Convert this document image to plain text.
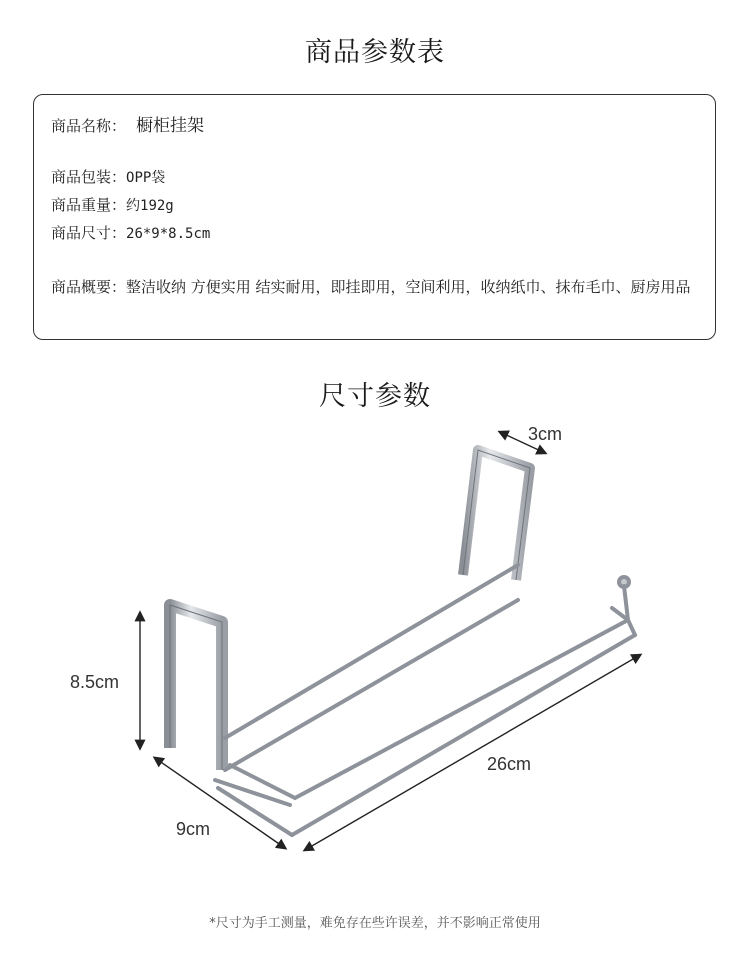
商品参数表
商品名称： 橱柜挂架
商品包装：OPP袋
商品重量：约192g
商品尺寸：26*9*8.5cm
商品概要：整洁收纳 方便实用 结实耐用，即挂即用，空间利用，收纳纸巾、抹布毛巾、厨房用品
尺寸参数
3cm
8.5cm
26cm
9cm
*尺寸为手工测量，难免存在些许误差，并不影响正常使用
